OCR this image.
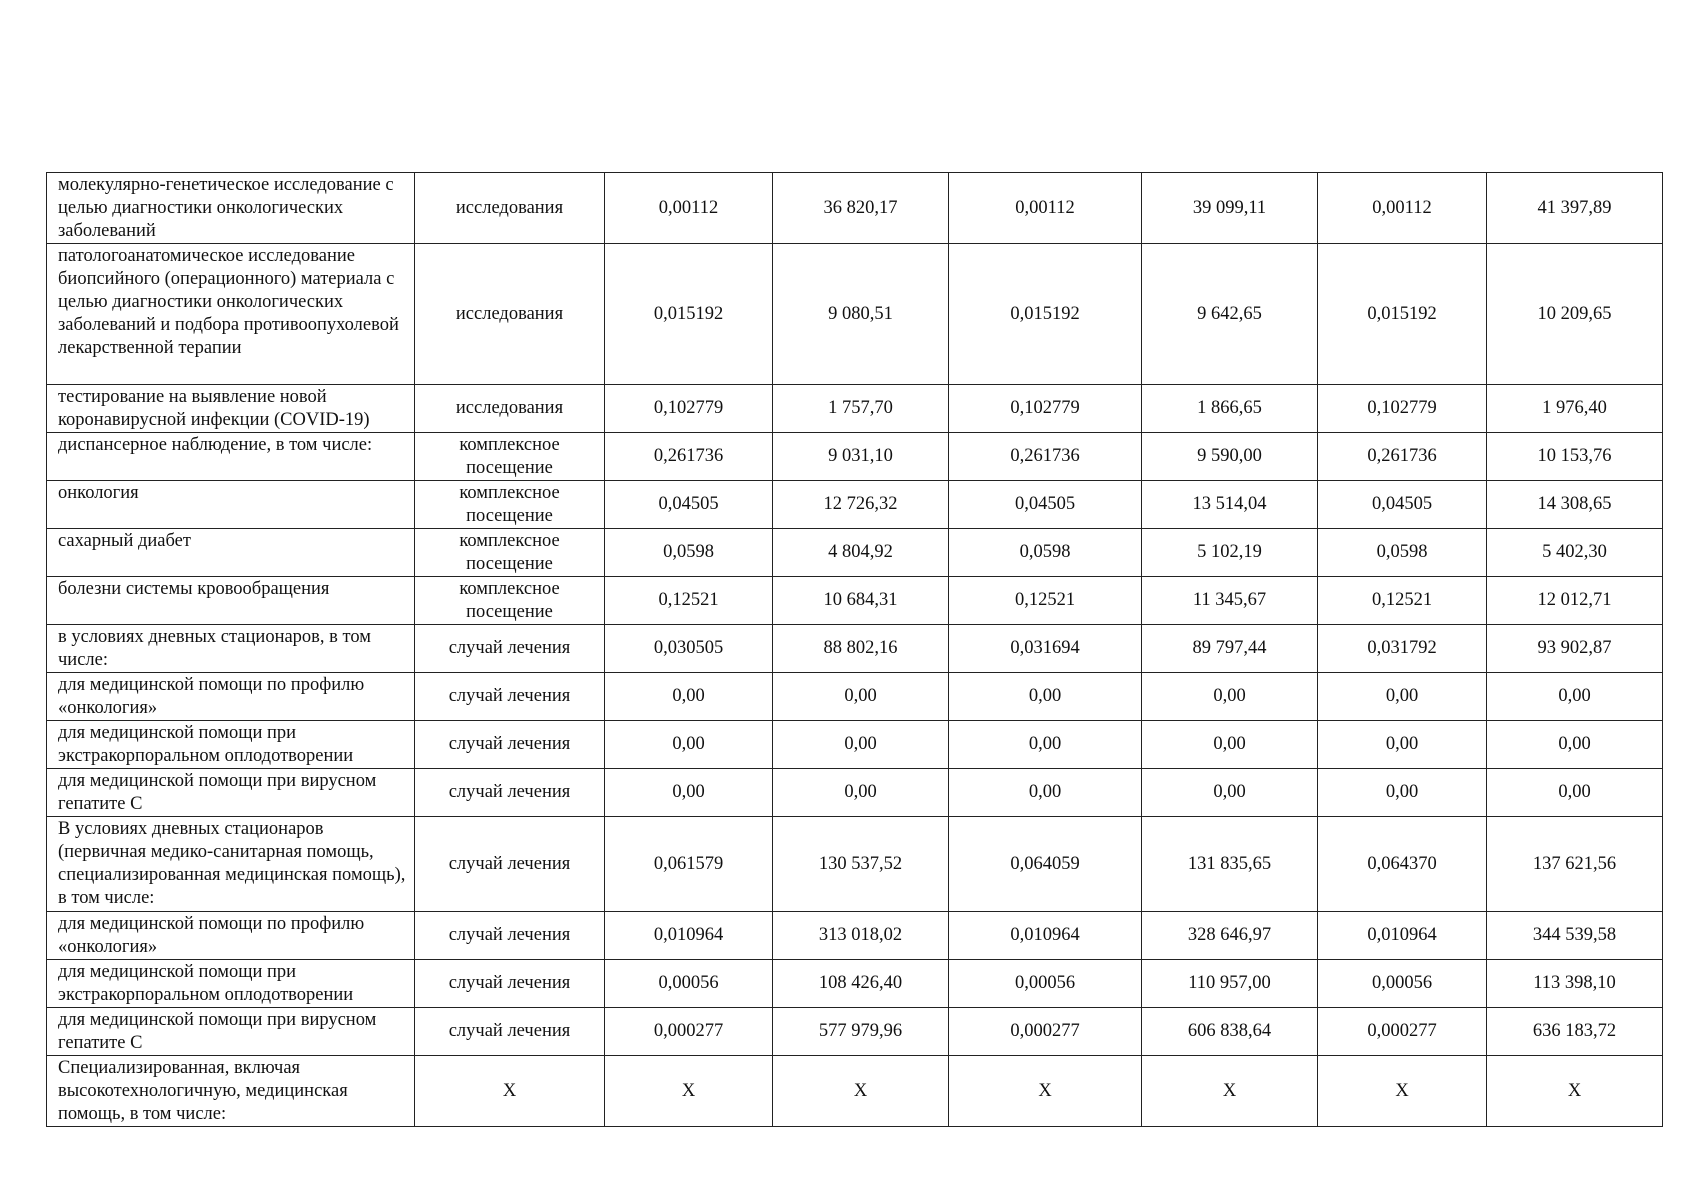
молекулярно-генетическое исследование с целью диагностики онкологических заболеваний	исследования	0,00112	36 820,17	0,00112	39 099,11	0,00112	41 397,89
патологоанатомическое исследование биопсийного (операционного) материала с целью диагностики онкологических заболеваний и подбора противоопухолевой лекарственной терапии	исследования	0,015192	9 080,51	0,015192	9 642,65	0,015192	10 209,65
тестирование на выявление новой коронавирусной инфекции (COVID-19)	исследования	0,102779	1 757,70	0,102779	1 866,65	0,102779	1 976,40
диспансерное наблюдение, в том числе:	комплексное посещение	0,261736	9 031,10	0,261736	9 590,00	0,261736	10 153,76
онкология	комплексное посещение	0,04505	12 726,32	0,04505	13 514,04	0,04505	14 308,65
сахарный диабет	комплексное посещение	0,0598	4 804,92	0,0598	5 102,19	0,0598	5 402,30
болезни системы кровообращения	комплексное посещение	0,12521	10 684,31	0,12521	11 345,67	0,12521	12 012,71
в условиях дневных стационаров, в том числе:	случай лечения	0,030505	88 802,16	0,031694	89 797,44	0,031792	93 902,87
для медицинской помощи по профилю «онкология»	случай лечения	0,00	0,00	0,00	0,00	0,00	0,00
для медицинской помощи при экстракорпоральном оплодотворении	случай лечения	0,00	0,00	0,00	0,00	0,00	0,00
для медицинской помощи при вирусном гепатите С	случай лечения	0,00	0,00	0,00	0,00	0,00	0,00
В условиях дневных стационаров (первичная медико-санитарная помощь, специализированная медицинская помощь), в том числе:	случай лечения	0,061579	130 537,52	0,064059	131 835,65	0,064370	137 621,56
для медицинской помощи по профилю «онкология»	случай лечения	0,010964	313 018,02	0,010964	328 646,97	0,010964	344 539,58
для медицинской помощи при экстракорпоральном оплодотворении	случай лечения	0,00056	108 426,40	0,00056	110 957,00	0,00056	113 398,10
для медицинской помощи при вирусном гепатите С	случай лечения	0,000277	577 979,96	0,000277	606 838,64	0,000277	636 183,72
Специализированная, включая высокотехнологичную, медицинская помощь, в том числе:	X	X	X	X	X	X	X
